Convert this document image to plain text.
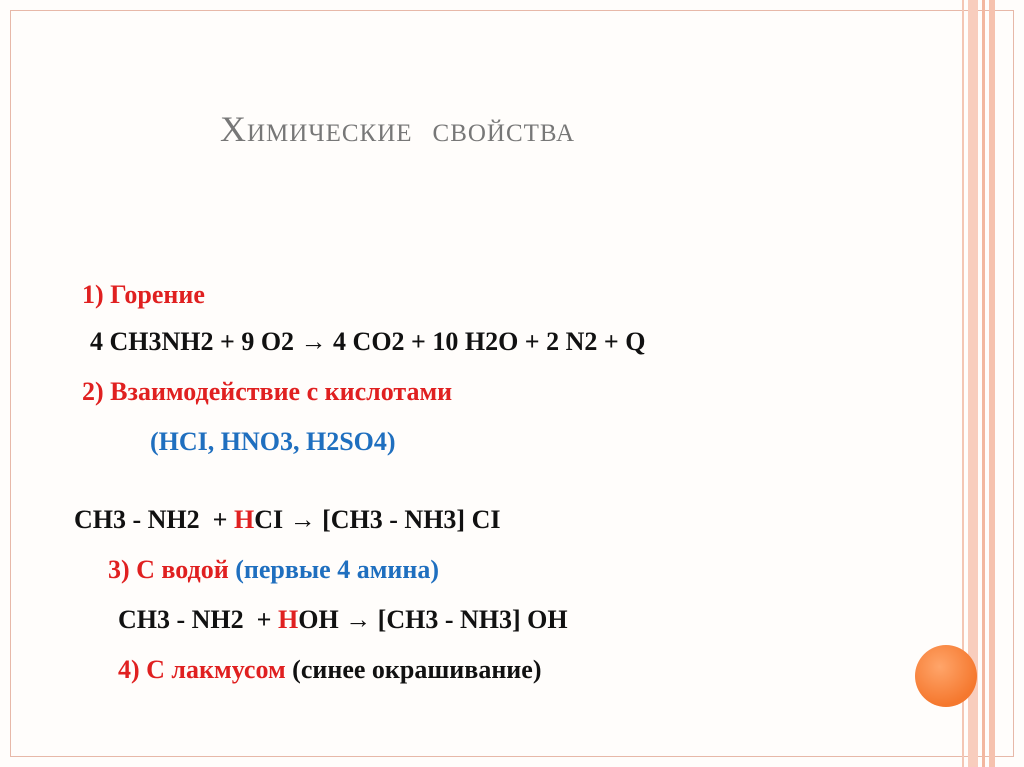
Химические  свойства
1) Горение
4 CH3NH2 + 9 O2 → 4 CO2 + 10 H2O + 2 N2 + Q
2) Взаимодействие с кислотами
(HCI, HNO3, H2SO4)

CH3 - NH2  + HCI → [CH3 - NH3] CI

3) С водой (первые 4 амина)

CH3 - NH2  + HOH → [CH3 - NH3] OH

4) С лакмусом (синее окрашивание)
